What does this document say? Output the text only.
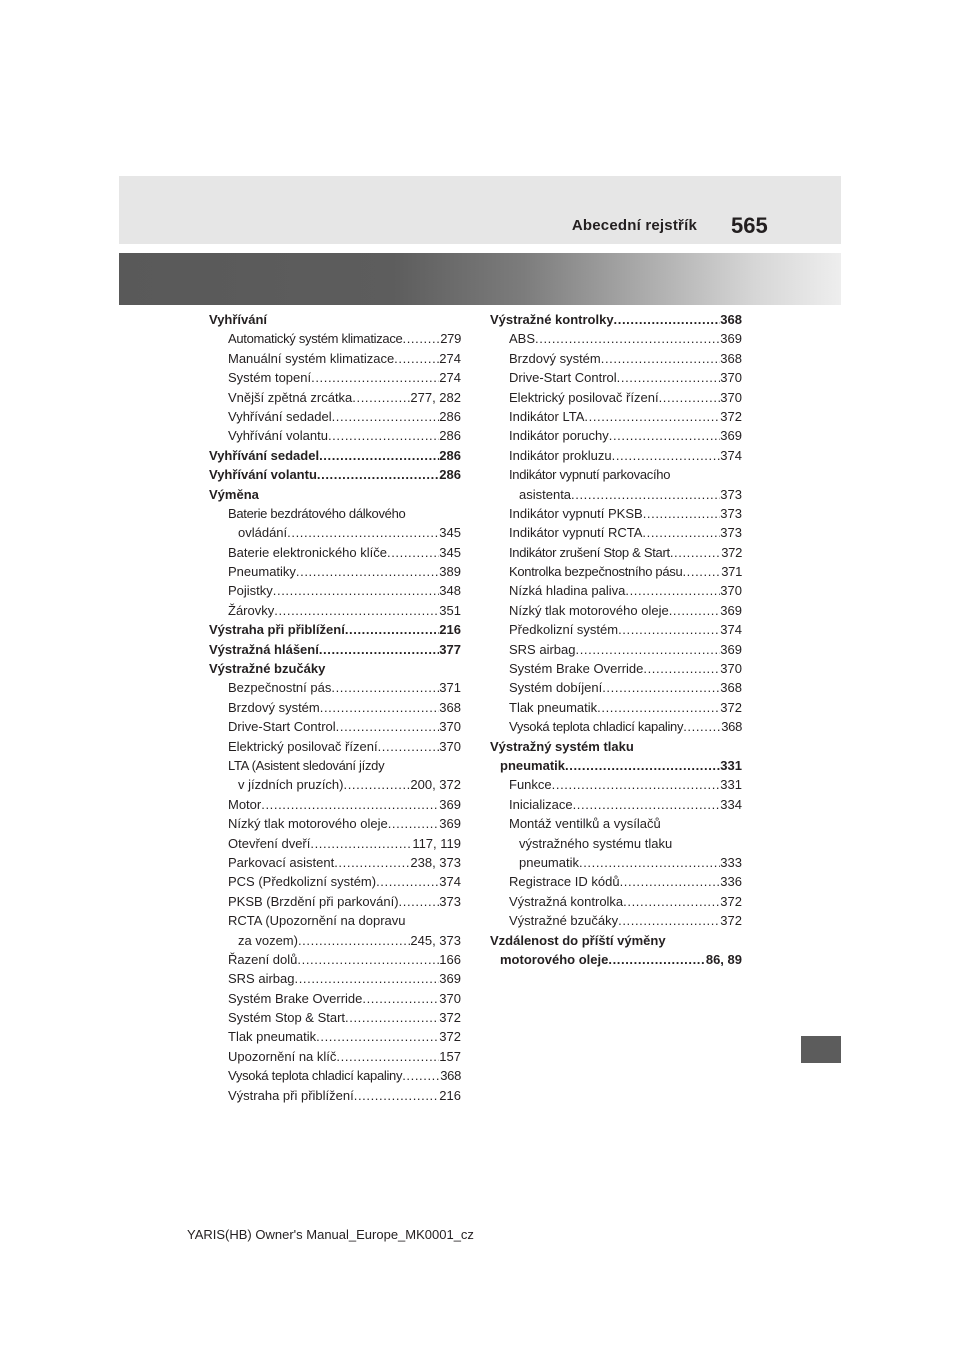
Abecední rejstřík 565
Vyhřívání
Automatický systém klimatizace .....	279
Manuální systém klimatizace .....	274
Systém topení .....	274
Vnější zpětná zrcátka .....	277, 282
Vyhřívání sedadel .....	286
Vyhřívání volantu .....	286
Vyhřívání sedadel .....	286
Vyhřívání volantu .....	286
Výměna
Baterie bezdrátového dálkového
ovládání .....	345
Baterie elektronického klíče .....	345
Pneumatiky .....	389
Pojistky .....	348
Žárovky .....	351
Výstraha při přiblížení .....	216
Výstražná hlášení .....	377
Výstražné bzučáky
Bezpečnostní pás .....	371
Brzdový systém .....	368
Drive-Start Control .....	370
Elektrický posilovač řízení .....	370
LTA (Asistent sledování jízdy
v jízdních pruzích) .....	200, 372
Motor .....	369
Nízký tlak motorového oleje .....	369
Otevření dveří .....	117, 119
Parkovací asistent .....	238, 373
PCS (Předkolizní systém) .....	374
PKSB (Brzdění při parkování) .....	373
RCTA (Upozornění na dopravu
za vozem) .....	245, 373
Řazení dolů .....	166
SRS airbag .....	369
Systém Brake Override .....	370
Systém Stop & Start .....	372
Tlak pneumatik .....	372
Upozornění na klíč .....	157
Vysoká teplota chladicí kapaliny .....	368
Výstraha při přiblížení .....	216
Výstražné kontrolky .....	368
ABS .....	369
Brzdový systém .....	368
Drive-Start Control .....	370
Elektrický posilovač řízení .....	370
Indikátor LTA .....	372
Indikátor poruchy .....	369
Indikátor prokluzu .....	374
Indikátor vypnutí parkovacího
asistenta .....	373
Indikátor vypnutí PKSB .....	373
Indikátor vypnutí RCTA .....	373
Indikátor zrušení Stop & Start .....	372
Kontrolka bezpečnostního pásu .....	371
Nízká hladina paliva .....	370
Nízký tlak motorového oleje .....	369
Předkolizní systém .....	374
SRS airbag .....	369
Systém Brake Override .....	370
Systém dobíjení .....	368
Tlak pneumatik .....	372
Vysoká teplota chladicí kapaliny .....	368
Výstražný systém tlaku
pneumatik .....	331
Funkce .....	331
Inicializace .....	334
Montáž ventilků a vysílačů
výstražného systému tlaku
pneumatik .....	333
Registrace ID kódů .....	336
Výstražná kontrolka .....	372
Výstražné bzučáky .....	372
Vzdálenost do příští výměny
motorového oleje .....	86, 89
YARIS(HB) Owner's Manual_Europe_MK0001_cz
